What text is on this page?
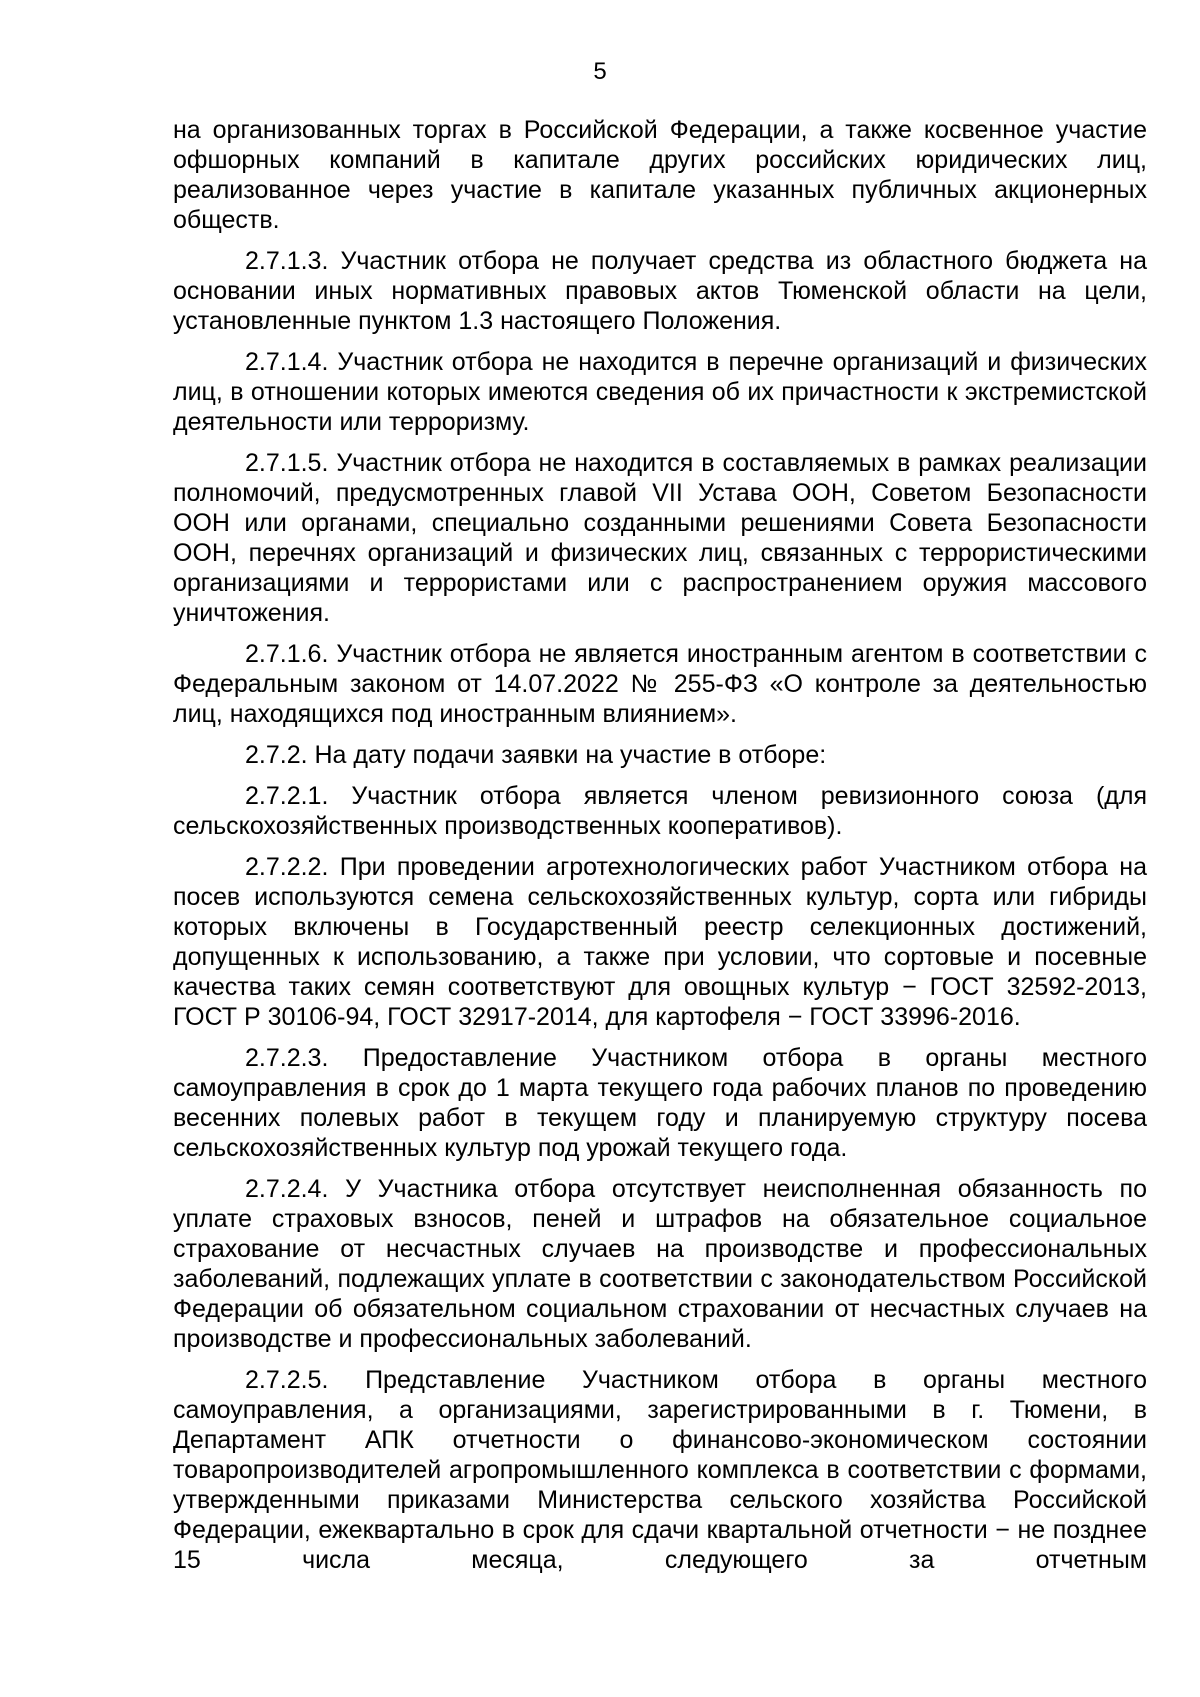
5

на организованных торгах в Российской Федерации, а также косвенное участие офшорных компаний в капитале других российских юридических лиц, реализованное через участие в капитале указанных публичных акционерных обществ.

2.7.1.3. Участник отбора не получает средства из областного бюджета на основании иных нормативных правовых актов Тюменской области на цели, установленные пунктом 1.3 настоящего Положения.

2.7.1.4. Участник отбора не находится в перечне организаций и физических лиц, в отношении которых имеются сведения об их причастности к экстремистской деятельности или терроризму.

2.7.1.5. Участник отбора не находится в составляемых в рамках реализации полномочий, предусмотренных главой VII Устава ООН, Советом Безопасности ООН или органами, специально созданными решениями Совета Безопасности ООН, перечнях организаций и физических лиц, связанных с террористическими организациями и террористами или с распространением оружия массового уничтожения.

2.7.1.6. Участник отбора не является иностранным агентом в соответствии с Федеральным законом от 14.07.2022 № 255-ФЗ «О контроле за деятельностью лиц, находящихся под иностранным влиянием».

2.7.2. На дату подачи заявки на участие в отборе:

2.7.2.1. Участник отбора является членом ревизионного союза (для сельскохозяйственных производственных кооперативов).

2.7.2.2. При проведении агротехнологических работ Участником отбора на посев используются семена сельскохозяйственных культур, сорта или гибриды которых включены в Государственный реестр селекционных достижений, допущенных к использованию, а также при условии, что сортовые и посевные качества таких семян соответствуют для овощных культур − ГОСТ 32592-2013, ГОСТ Р 30106-94, ГОСТ 32917-2014, для картофеля − ГОСТ 33996-2016.

2.7.2.3. Предоставление Участником отбора в органы местного самоуправления в срок до 1 марта текущего года рабочих планов по проведению весенних полевых работ в текущем году и планируемую структуру посева сельскохозяйственных культур под урожай текущего года.

2.7.2.4. У Участника отбора отсутствует неисполненная обязанность по уплате страховых взносов, пеней и штрафов на обязательное социальное страхование от несчастных случаев на производстве и профессиональных заболеваний, подлежащих уплате в соответствии с законодательством Российской Федерации об обязательном социальном страховании от несчастных случаев на производстве и профессиональных заболеваний.

2.7.2.5. Представление Участником отбора в органы местного самоуправления, а организациями, зарегистрированными в г. Тюмени, в Департамент АПК отчетности о финансово-экономическом состоянии товаропроизводителей агропромышленного комплекса в соответствии с формами, утвержденными приказами Министерства сельского хозяйства Российской Федерации, ежеквартально в срок для сдачи квартальной отчетности − не позднее 15 числа месяца, следующего за отчетным
